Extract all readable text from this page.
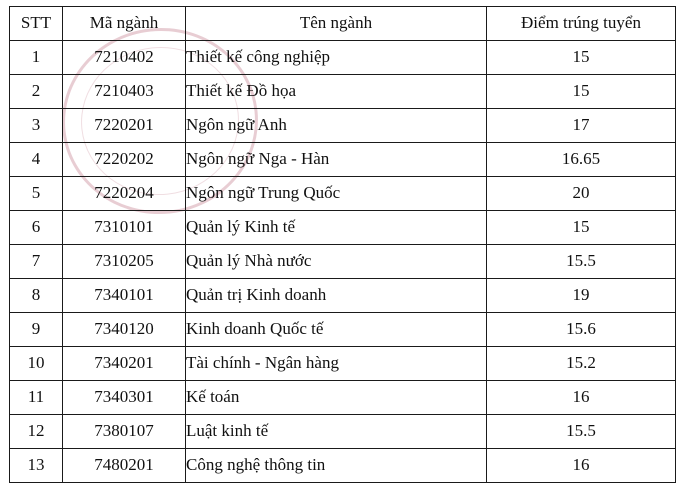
STT	Mã ngành	Tên ngành	Điểm trúng tuyển
1	7210402	Thiết kế công nghiệp	15
2	7210403	Thiết kế Đồ họa	15
3	7220201	Ngôn ngữ Anh	17
4	7220202	Ngôn ngữ Nga - Hàn	16.65
5	7220204	Ngôn ngữ Trung Quốc	20
6	7310101	Quản lý Kinh tế	15
7	7310205	Quản lý Nhà nước	15.5
8	7340101	Quản trị Kinh doanh	19
9	7340120	Kinh doanh Quốc tế	15.6
10	7340201	Tài chính - Ngân hàng	15.2
11	7340301	Kế toán	16
12	7380107	Luật kinh tế	15.5
13	7480201	Công nghệ thông tin	16
